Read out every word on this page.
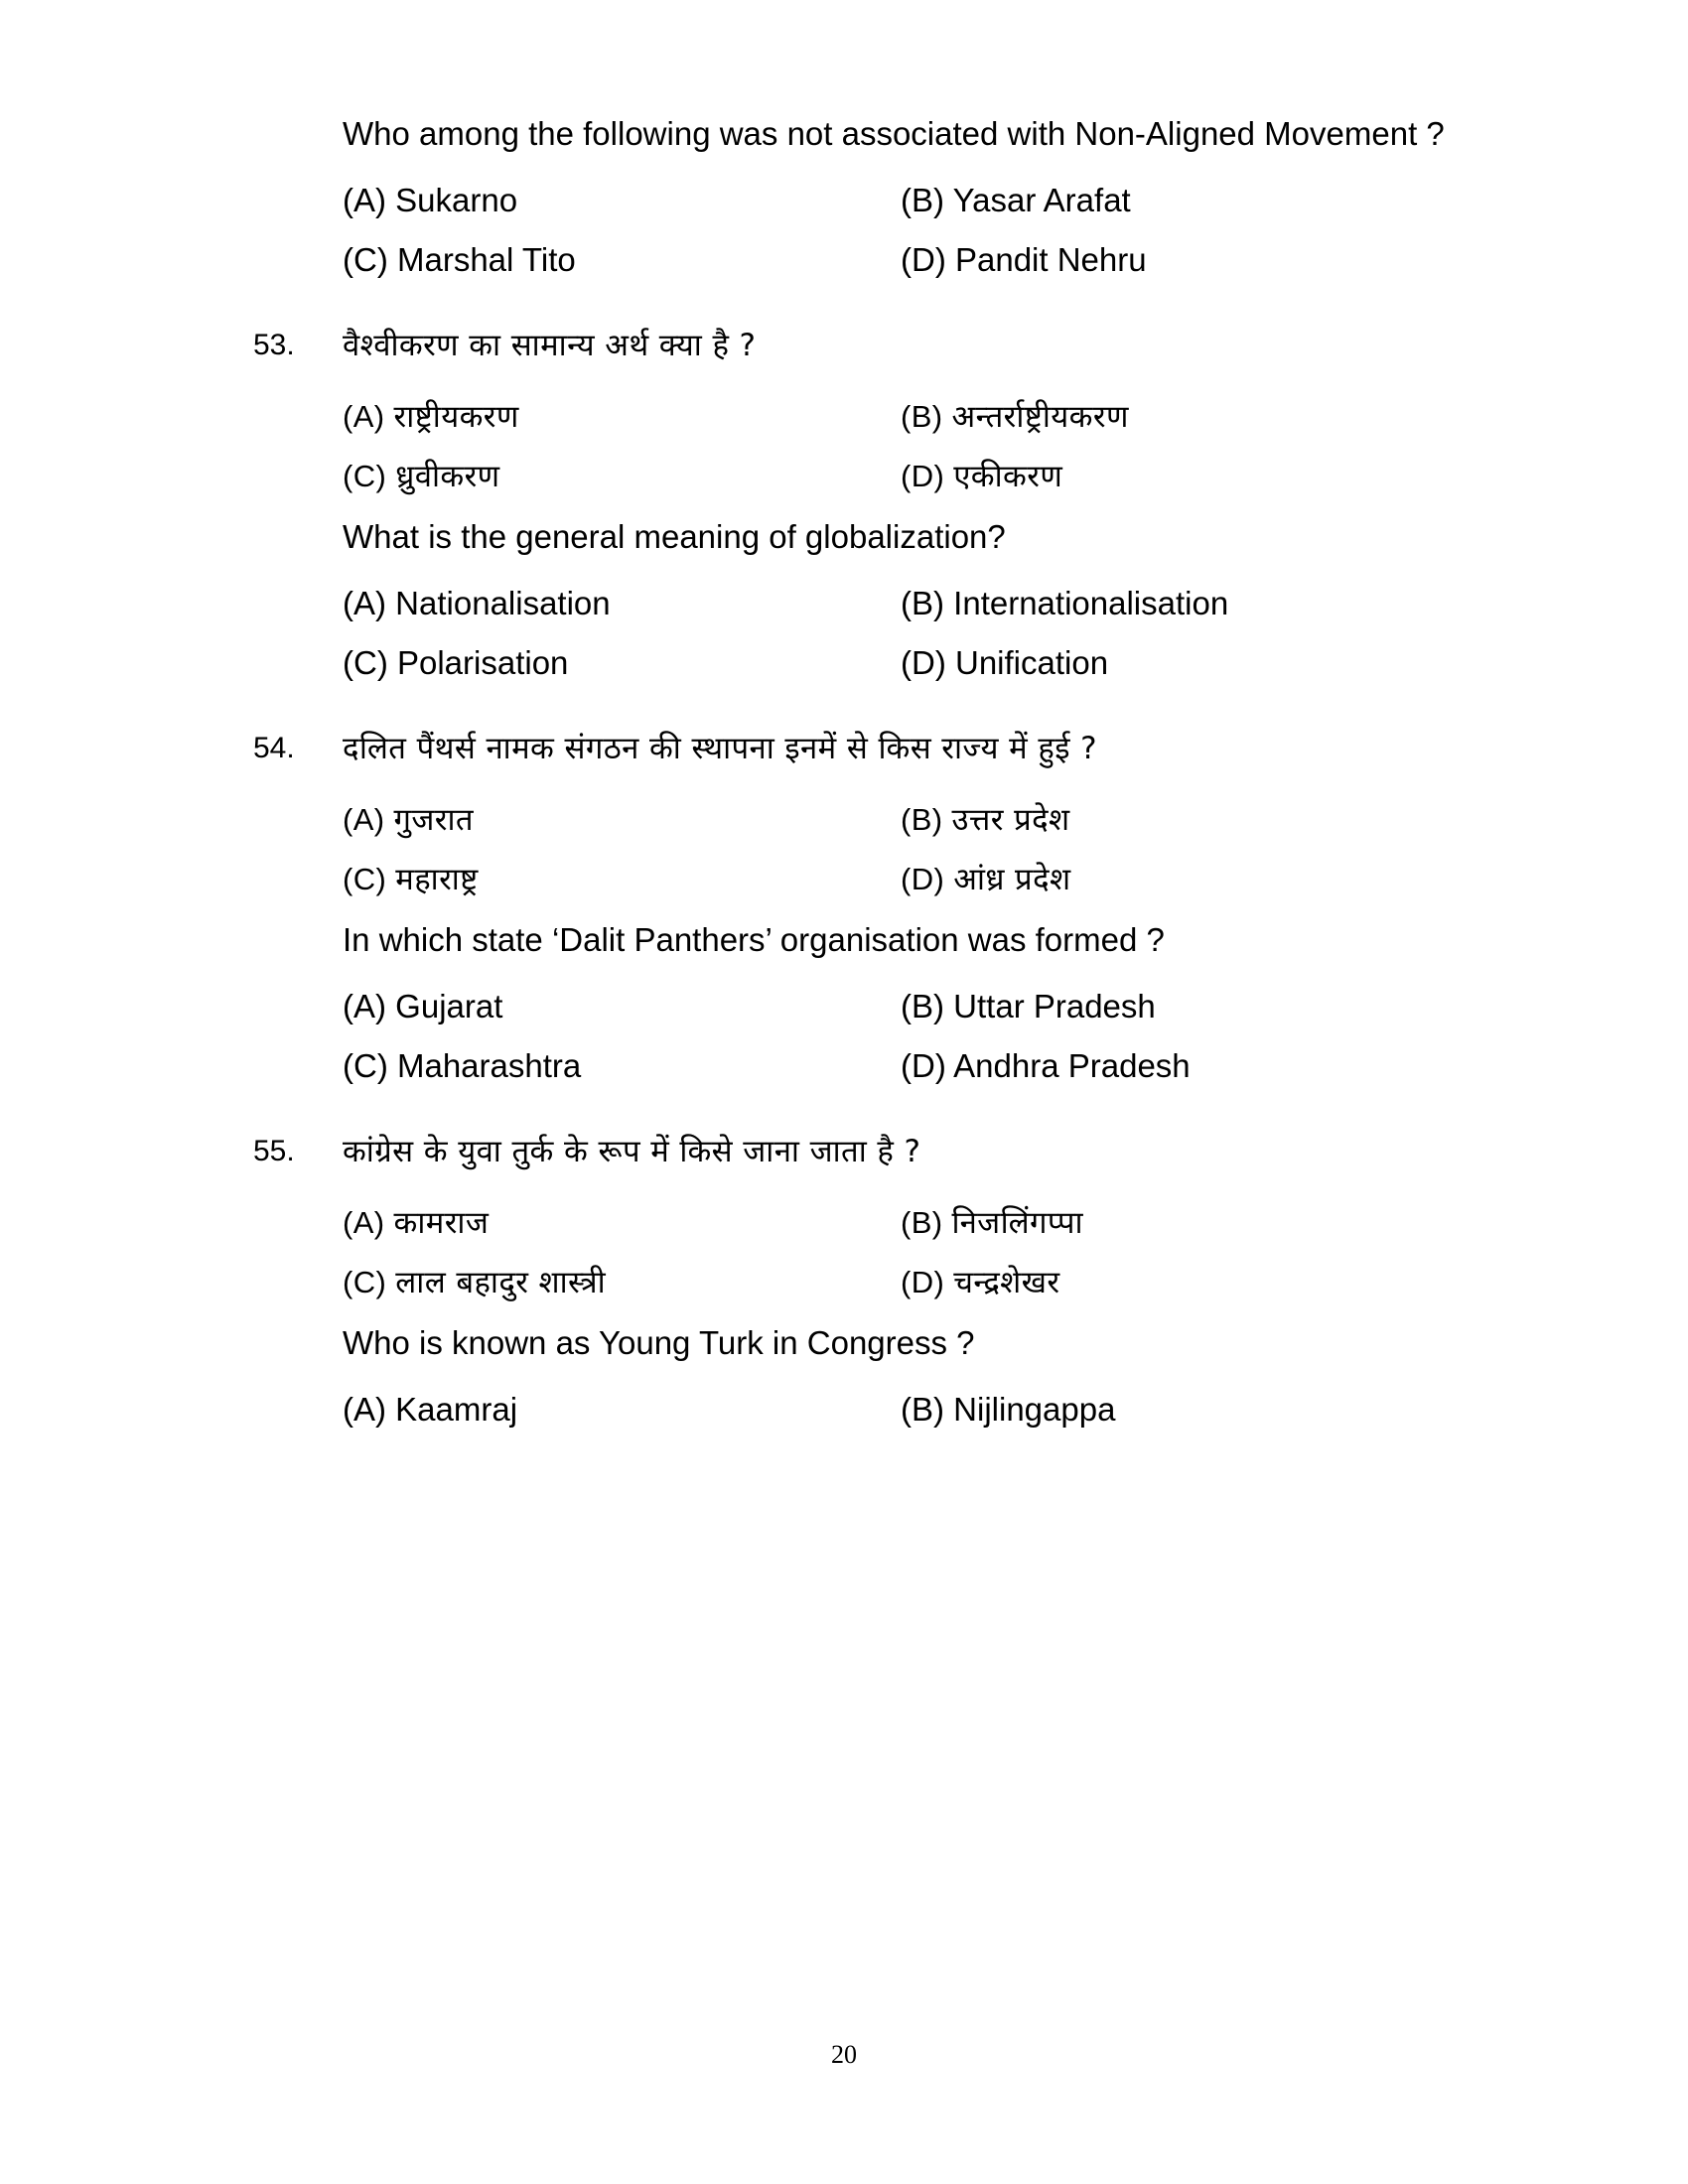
Who among the following was not associated with Non-Aligned Movement ?
(A) Sukarno	(B) Yasar Arafat
(C) Marshal Tito	(D) Pandit Nehru
53.	वैश्वीकरण का सामान्य अर्थ क्या है ?
(A) राष्ट्रीयकरण	(B) अन्तर्राष्ट्रीयकरण
(C) ध्रुवीकरण	(D) एकीकरण
What is the general meaning of globalization?
(A) Nationalisation	(B) Internationalisation
(C) Polarisation	(D) Unification
54.	दलित पैंथर्स नामक संगठन की स्थापना इनमें से किस राज्य में हुई ?
(A) गुजरात	(B) उत्तर प्रदेश
(C) महाराष्ट्र	(D) आंध्र प्रदेश
In which state ‘Dalit Panthers’ organisation was formed ?
(A) Gujarat	(B) Uttar Pradesh
(C) Maharashtra	(D) Andhra Pradesh
55.	कांग्रेस के युवा तुर्क के रूप में किसे जाना जाता है ?
(A) कामराज	(B) निजलिंगप्पा
(C) लाल बहादुर शास्त्री	(D) चन्द्रशेखर
Who is known as Young Turk in Congress ?
(A) Kaamraj	(B) Nijlingappa
20
